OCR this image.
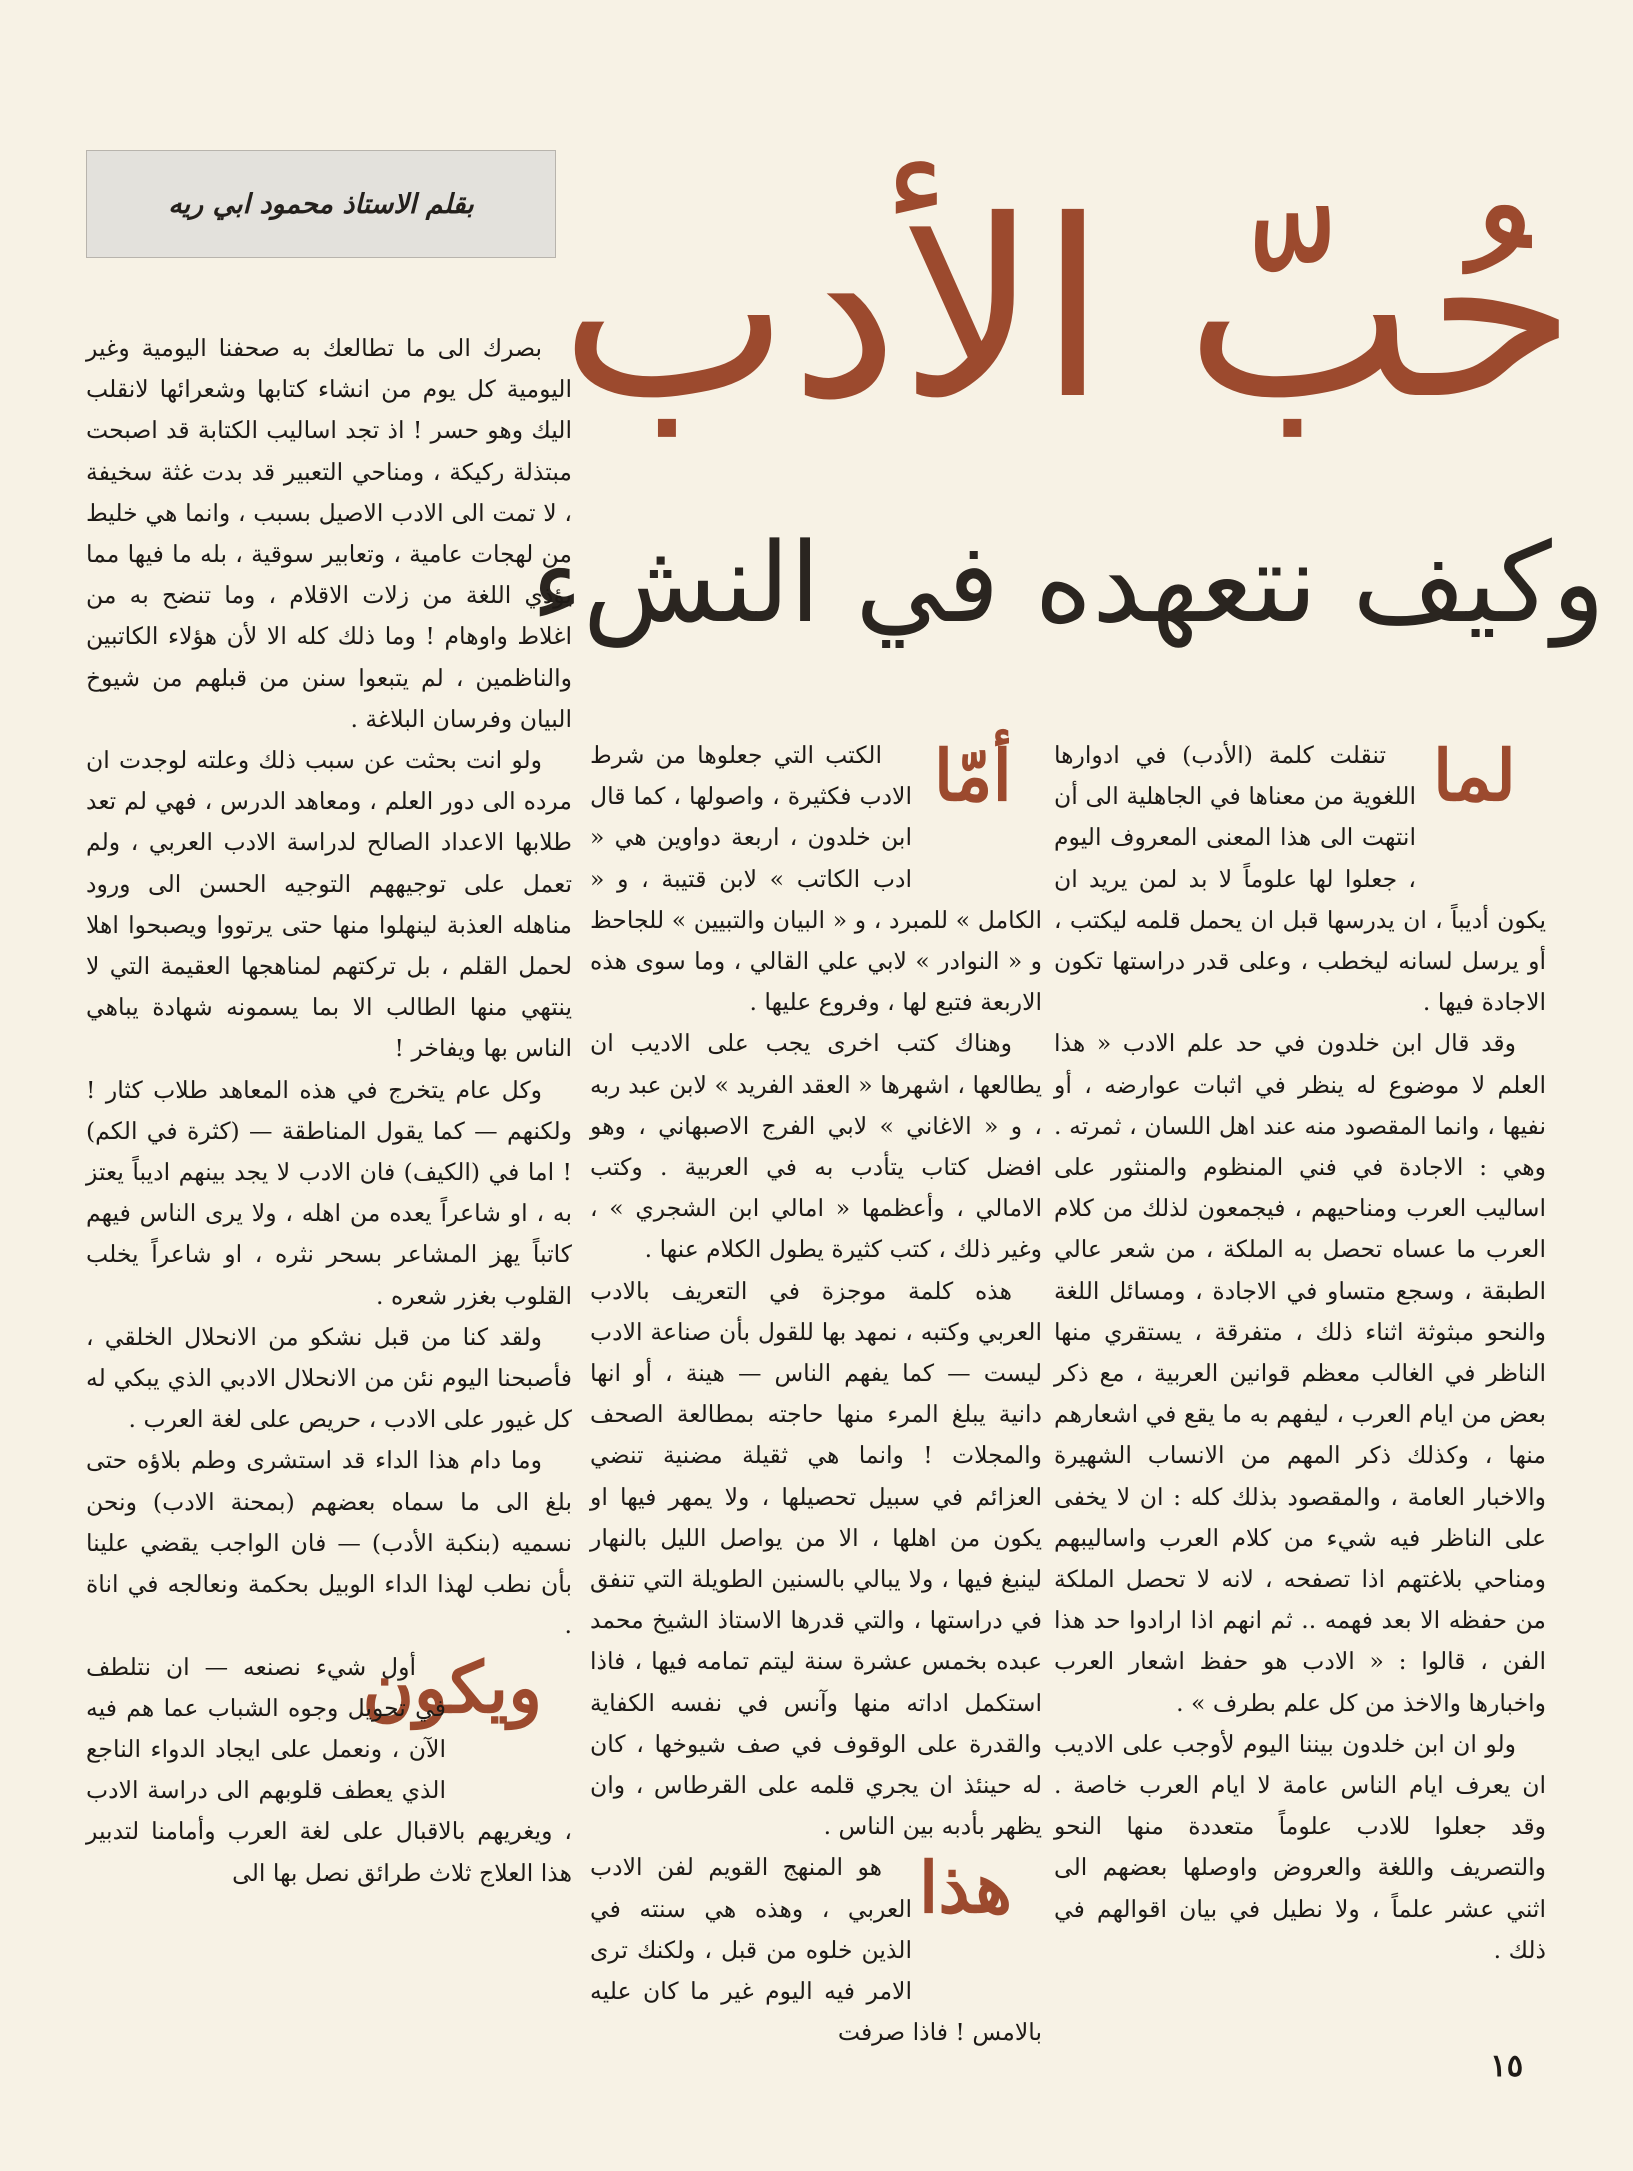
بقلم الاستاذ محمود ابي ريه حُبّ الأدب
وكيف نتعهده في النشء

لما
تنقلت كلمة (الأدب) في ادوارها اللغوية من معناها في الجاهلية الى أن انتهت الى هذا المعنى المعروف اليوم ، جعلوا لها علوماً لا بد لمن يريد ان يكون أديباً ، ان يدرسها قبل ان يحمل قلمه ليكتب ، أو يرسل لسانه ليخطب ، وعلى قدر دراستها تكون الاجادة فيها .

وقد قال ابن خلدون في حد علم الادب « هذا العلم لا موضوع له ينظر في اثبات عوارضه ، أو نفيها ، وانما المقصود منه عند اهل اللسان ، ثمرته . وهي : الاجادة في فني المنظوم والمنثور على اساليب العرب ومناحيهم ، فيجمعون لذلك من كلام العرب ما عساه تحصل به الملكة ، من شعر عالي الطبقة ، وسجع متساو في الاجادة ، ومسائل اللغة والنحو مبثوثة اثناء ذلك ، متفرقة ، يستقري منها الناظر في الغالب معظم قوانين العربية ، مع ذكر بعض من ايام العرب ، ليفهم به ما يقع في اشعارهم منها ، وكذلك ذكر المهم من الانساب الشهيرة والاخبار العامة ، والمقصود بذلك كله : ان لا يخفى على الناظر فيه شيء من كلام العرب واساليبهم ومناحي بلاغتهم اذا تصفحه ، لانه لا تحصل الملكة من حفظه الا بعد فهمه .. ثم انهم اذا ارادوا حد هذا الفن ، قالوا : « الادب هو حفظ اشعار العرب واخبارها والاخذ من كل علم بطرف » .

ولو ان ابن خلدون بيننا اليوم لأوجب على الاديب ان يعرف ايام الناس عامة لا ايام العرب خاصة . وقد جعلوا للادب علوماً متعددة منها النحو والتصريف واللغة والعروض واوصلها بعضهم الى اثني عشر علماً ، ولا نطيل في بيان اقوالهم في ذلك .

أمّا
الكتب التي جعلوها من شرط الادب فكثيرة ، واصولها ، كما قال ابن خلدون ، اربعة دواوين هي « ادب الكاتب » لابن قتيبة ، و « الكامل » للمبرد ، و « البيان والتبيين » للجاحظ و « النوادر » لابي علي القالي ، وما سوى هذه الاربعة فتبع لها ، وفروع عليها .

وهناك كتب اخرى يجب على الاديب ان يطالعها ، اشهرها « العقد الفريد » لابن عبد ربه ، و « الاغاني » لابي الفرج الاصبهاني ، وهو افضل كتاب يتأدب به في العربية . وكتب الامالي ، وأعظمها « امالي ابن الشجري » ، وغير ذلك ، كتب كثيرة يطول الكلام عنها .

هذه كلمة موجزة في التعريف بالادب العربي وكتبه ، نمهد بها للقول بأن صناعة الادب ليست — كما يفهم الناس — هينة ، أو انها دانية يبلغ المرء منها حاجته بمطالعة الصحف والمجلات ! وانما هي ثقيلة مضنية تنضي العزائم في سبيل تحصيلها ، ولا يمهر فيها او يكون من اهلها ، الا من يواصل الليل بالنهار لينبغ فيها ، ولا يبالي بالسنين الطويلة التي تنفق في دراستها ، والتي قدرها الاستاذ الشيخ محمد عبده بخمس عشرة سنة ليتم تمامه فيها ، فاذا استكمل اداته منها وآنس في نفسه الكفاية والقدرة على الوقوف في صف شيوخها ، كان له حينئذ ان يجري قلمه على القرطاس ، وان يظهر بأدبه بين الناس .

هذا
هو المنهج القويم لفن الادب العربي ، وهذه هي سنته في الذين خلوه من قبل ، ولكنك ترى الامر فيه اليوم غير ما كان عليه بالامس ! فاذا صرفت

بصرك الى ما تطالعك به صحفنا اليومية وغير اليومية كل يوم من انشاء كتابها وشعرائها لانقلب اليك وهو حسر ! اذ تجد اساليب الكتابة قد اصبحت مبتذلة ركيكة ، ومناحي التعبير قد بدت غثة سخيفة ، لا تمت الى الادب الاصيل بسبب ، وانما هي خليط من لهجات عامية ، وتعابير سوقية ، بله ما فيها مما يؤذي اللغة من زلات الاقلام ، وما تنضح به من اغلاط واوهام ! وما ذلك كله الا لأن هؤلاء الكاتبين والناظمين ، لم يتبعوا سنن من قبلهم من شيوخ البيان وفرسان البلاغة .

ولو انت بحثت عن سبب ذلك وعلته لوجدت ان مرده الى دور العلم ، ومعاهد الدرس ، فهي لم تعد طلابها الاعداد الصالح لدراسة الادب العربي ، ولم تعمل على توجيههم التوجيه الحسن الى ورود مناهله العذبة لينهلوا منها حتى يرتووا ويصبحوا اهلا لحمل القلم ، بل تركتهم لمناهجها العقيمة التي لا ينتهي منها الطالب الا بما يسمونه شهادة يباهي الناس بها ويفاخر !

وكل عام يتخرج في هذه المعاهد طلاب كثار ! ولكنهم — كما يقول المناطقة — (كثرة في الكم) ! اما في (الكيف) فان الادب لا يجد بينهم اديباً يعتز به ، او شاعراً يعده من اهله ، ولا يرى الناس فيهم كاتباً يهز المشاعر بسحر نثره ، او شاعراً يخلب القلوب بغزر شعره .

ولقد كنا من قبل نشكو من الانحلال الخلقي ، فأصبحنا اليوم نئن من الانحلال الادبي الذي يبكي له كل غيور على الادب ، حريص على لغة العرب .

وما دام هذا الداء قد استشرى وطم بلاؤه حتى بلغ الى ما سماه بعضهم (بمحنة الادب) ونحن نسميه (بنكبة الأدب) — فان الواجب يقضي علينا بأن نطب لهذا الداء الوبيل بحكمة ونعالجه في اناة .

ويكون
أول شيء نصنعه — ان نتلطف في تحويل وجوه الشباب عما هم فيه الآن ، ونعمل على ايجاد الدواء الناجع الذي يعطف قلوبهم الى دراسة الادب ، ويغريهم بالاقبال على لغة العرب وأمامنا لتدبير هذا العلاج ثلاث طرائق نصل بها الى

١٥
